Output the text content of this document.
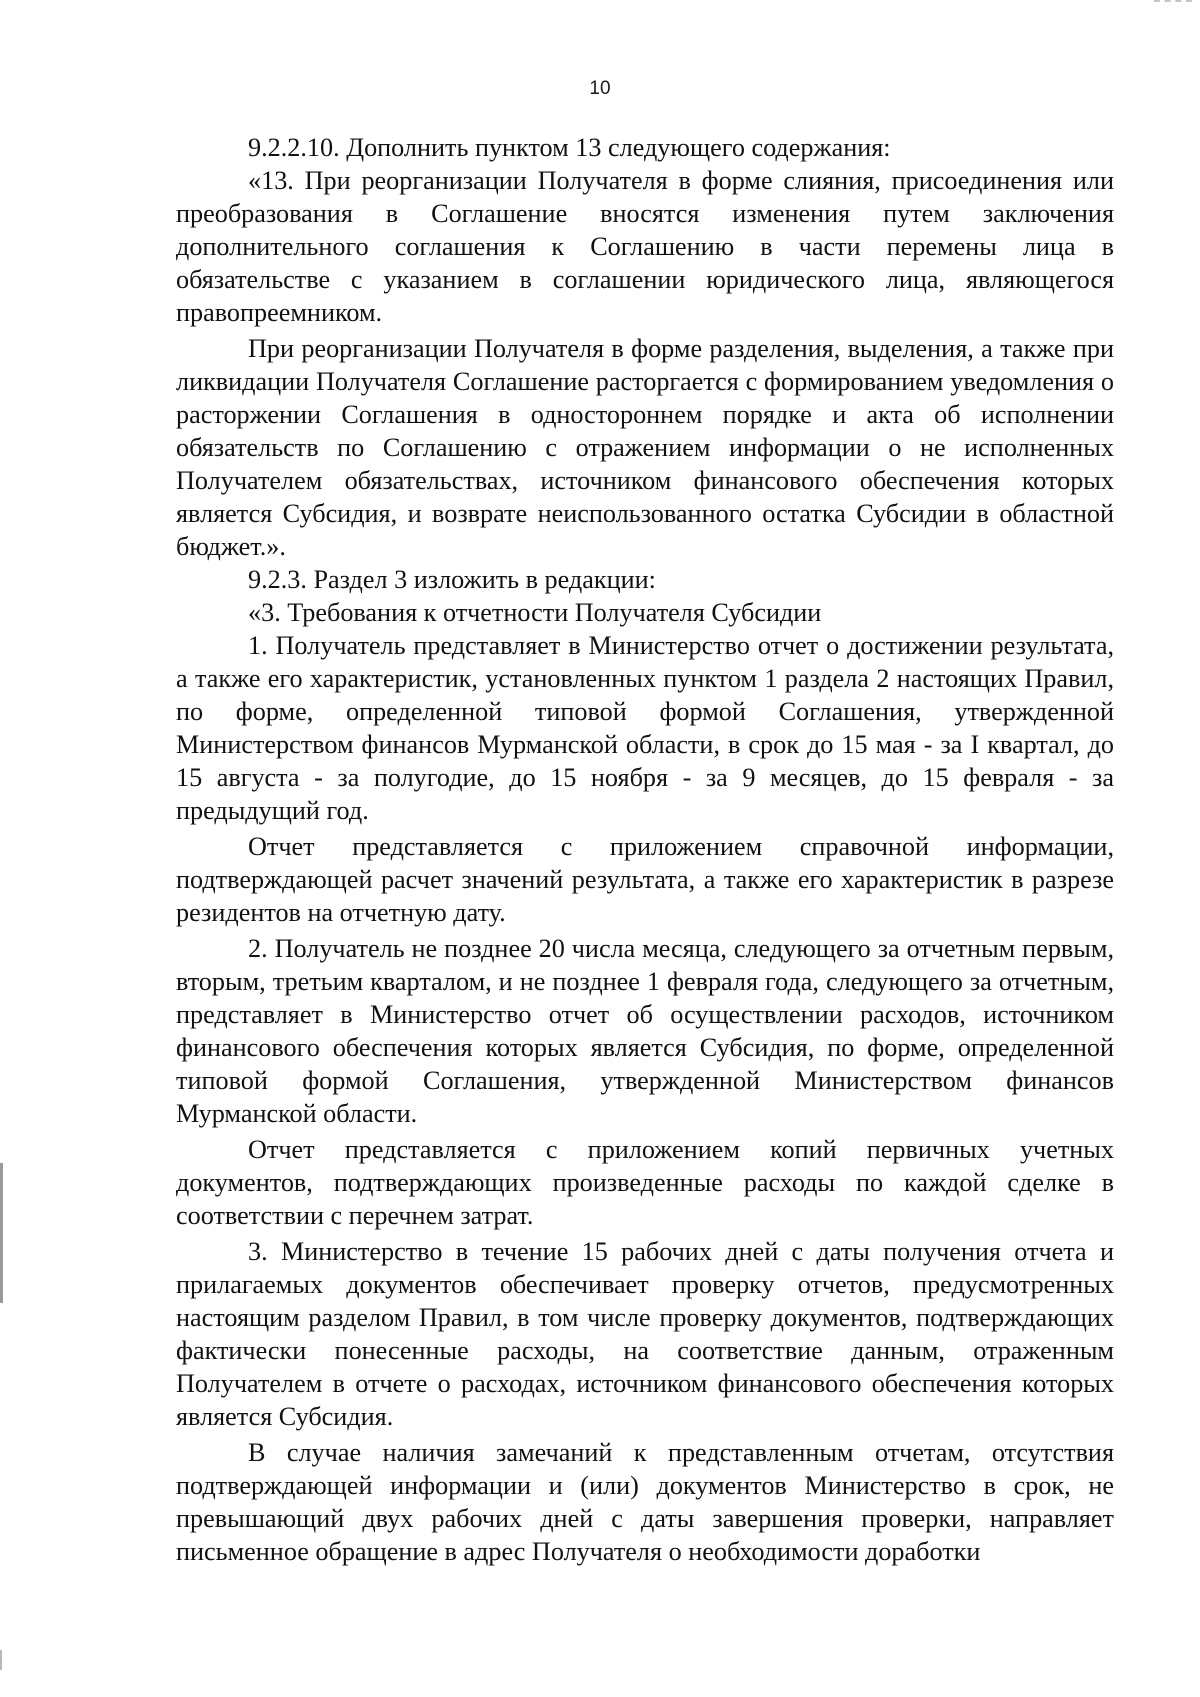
10

9.2.2.10. Дополнить пунктом 13 следующего содержания:

«13. При реорганизации Получателя в форме слияния, присоединения или преобразования в Соглашение вносятся изменения путем заключения дополнительного соглашения к Соглашению в части перемены лица в обязательстве с указанием в соглашении юридического лица, являющегося правопреемником.

При реорганизации Получателя в форме разделения, выделения, а также при ликвидации Получателя Соглашение расторгается с формированием уведомления о расторжении Соглашения в одностороннем порядке и акта об исполнении обязательств по Соглашению с отражением информации о не исполненных Получателем обязательствах, источником финансового обеспечения которых является Субсидия, и возврате неиспользованного остатка Субсидии в областной бюджет.».

9.2.3. Раздел 3 изложить в редакции:

«3. Требования к отчетности Получателя Субсидии

1. Получатель представляет в Министерство отчет о достижении результата, а также его характеристик, установленных пунктом 1 раздела 2 настоящих Правил, по форме, определенной типовой формой Соглашения, утвержденной Министерством финансов Мурманской области, в срок до 15 мая - за I квартал, до 15 августа - за полугодие, до 15 ноября - за 9 месяцев, до 15 февраля - за предыдущий год.

Отчет представляется с приложением справочной информации, подтверждающей расчет значений результата, а также его характеристик в разрезе резидентов на отчетную дату.

2. Получатель не позднее 20 числа месяца, следующего за отчетным первым, вторым, третьим кварталом, и не позднее 1 февраля года, следующего за отчетным, представляет в Министерство отчет об осуществлении расходов, источником финансового обеспечения которых является Субсидия, по форме, определенной типовой формой Соглашения, утвержденной Министерством финансов Мурманской области.

Отчет представляется с приложением копий первичных учетных документов, подтверждающих произведенные расходы по каждой сделке в соответствии с перечнем затрат.

3. Министерство в течение 15 рабочих дней с даты получения отчета и прилагаемых документов обеспечивает проверку отчетов, предусмотренных настоящим разделом Правил, в том числе проверку документов, подтверждающих фактически понесенные расходы, на соответствие данным, отраженным Получателем в отчете о расходах, источником финансового обеспечения которых является Субсидия.

В случае наличия замечаний к представленным отчетам, отсутствия подтверждающей информации и (или) документов Министерство в срок, не превышающий двух рабочих дней с даты завершения проверки, направляет письменное обращение в адрес Получателя о необходимости доработки
